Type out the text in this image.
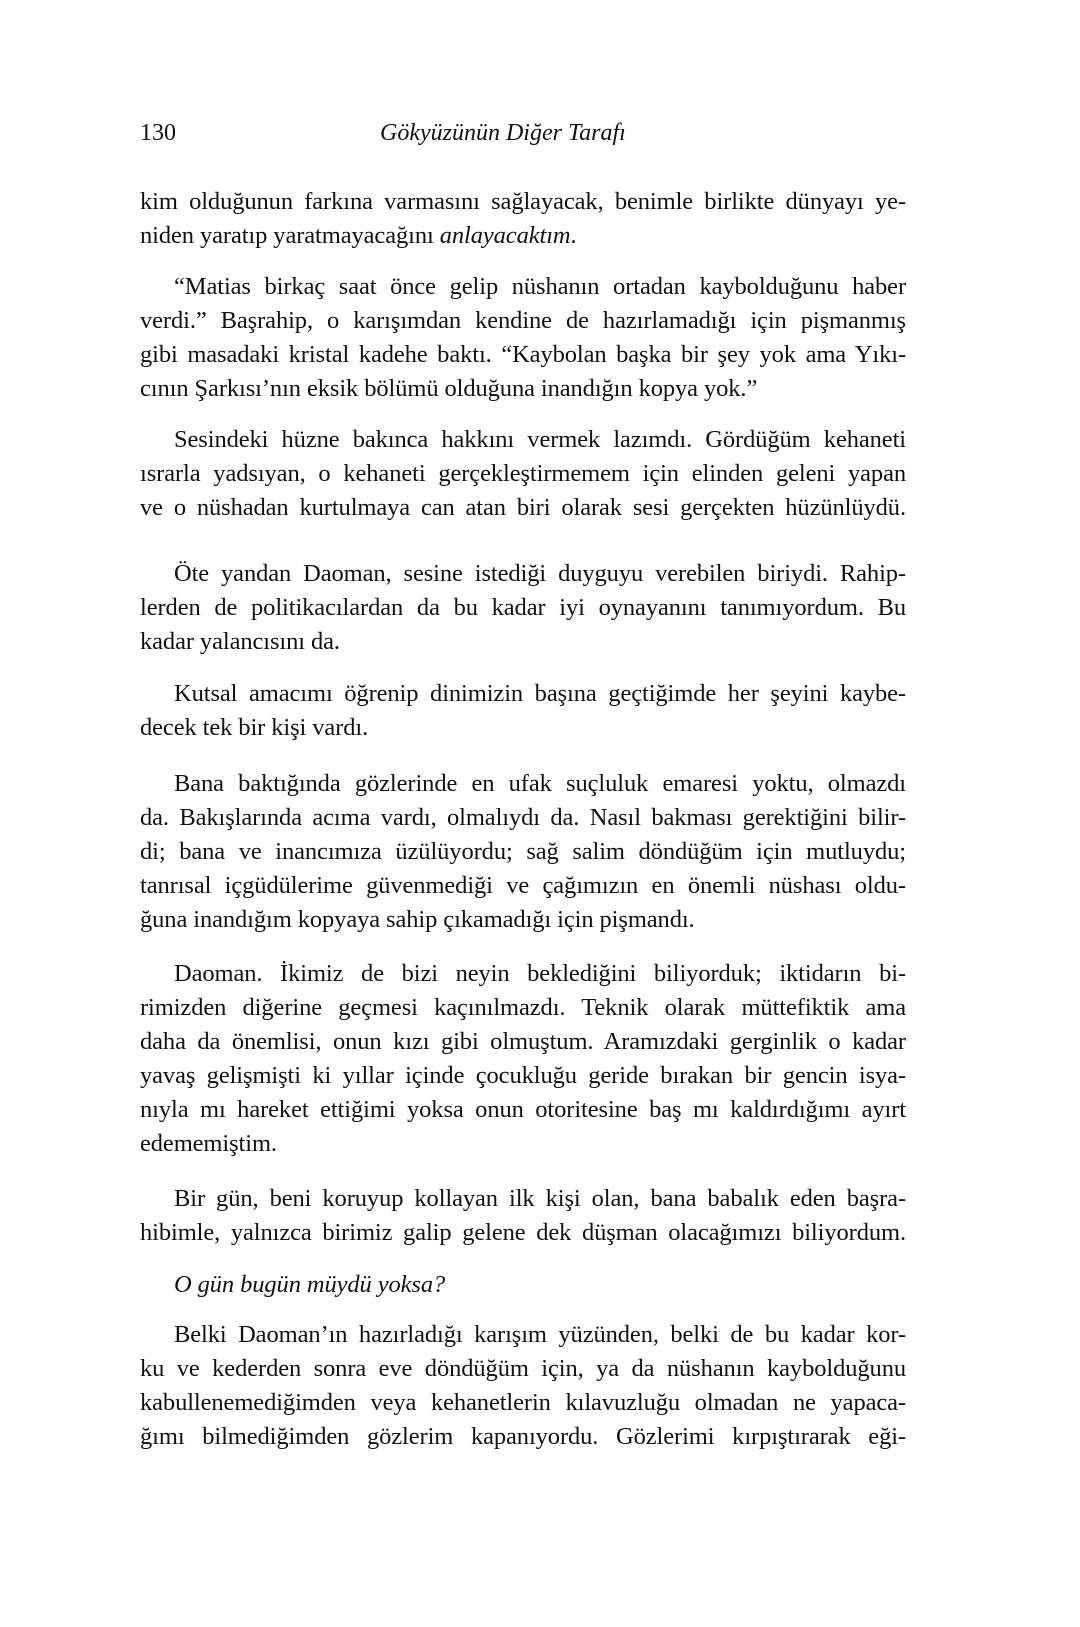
130	Gökyüzünün Diğer Tarafı
kim olduğunun farkına varmasını sağlayacak, benimle birlikte dünyayı ye-
niden yaratıp yaratmayacağını anlayacaktım.
“Matias birkaç saat önce gelip nüshanın ortadan kaybolduğunu haber
verdi.” Başrahip, o karışımdan kendine de hazırlamadığı için pişmanmış
gibi masadaki kristal kadehe baktı. “Kaybolan başka bir şey yok ama Yıkı-
cının Şarkısı’nın eksik bölümü olduğuna inandığın kopya yok.”
Sesindeki hüzne bakınca hakkını vermek lazımdı. Gördüğüm kehaneti
ısrarla yadsıyan, o kehaneti gerçekleştirmemem için elinden geleni yapan
ve o nüshadan kurtulmaya can atan biri olarak sesi gerçekten hüzünlüydü.
Öte yandan Daoman, sesine istediği duyguyu verebilen biriydi. Rahip-
lerden de politikacılardan da bu kadar iyi oynayanını tanımıyordum. Bu
kadar yalancısını da.
Kutsal amacımı öğrenip dinimizin başına geçtiğimde her şeyini kaybe-
decek tek bir kişi vardı.
Bana baktığında gözlerinde en ufak suçluluk emaresi yoktu, olmazdı
da. Bakışlarında acıma vardı, olmalıydı da. Nasıl bakması gerektiğini bilir-
di; bana ve inancımıza üzülüyordu; sağ salim döndüğüm için mutluydu;
tanrısal içgüdülerime güvenmediği ve çağımızın en önemli nüshası oldu-
ğuna inandığım kopyaya sahip çıkamadığı için pişmandı.
Daoman. İkimiz de bizi neyin beklediğini biliyorduk; iktidarın bi-
rimizden diğerine geçmesi kaçınılmazdı. Teknik olarak müttefiktik ama
daha da önemlisi, onun kızı gibi olmuştum. Aramızdaki gerginlik o kadar
yavaş gelişmişti ki yıllar içinde çocukluğu geride bırakan bir gencin isya-
nıyla mı hareket ettiğimi yoksa onun otoritesine baş mı kaldırdığımı ayırt
edememiştim.
Bir gün, beni koruyup kollayan ilk kişi olan, bana babalık eden başra-
hibimle, yalnızca birimiz galip gelene dek düşman olacağımızı biliyordum.
O gün bugün müydü yoksa?
Belki Daoman’ın hazırladığı karışım yüzünden, belki de bu kadar kor-
ku ve kederden sonra eve döndüğüm için, ya da nüshanın kaybolduğunu
kabullenemediğimden veya kehanetlerin kılavuzluğu olmadan ne yapaca-
ğımı bilmediğimden gözlerim kapanıyordu. Gözlerimi kırpıştırarak eği-
